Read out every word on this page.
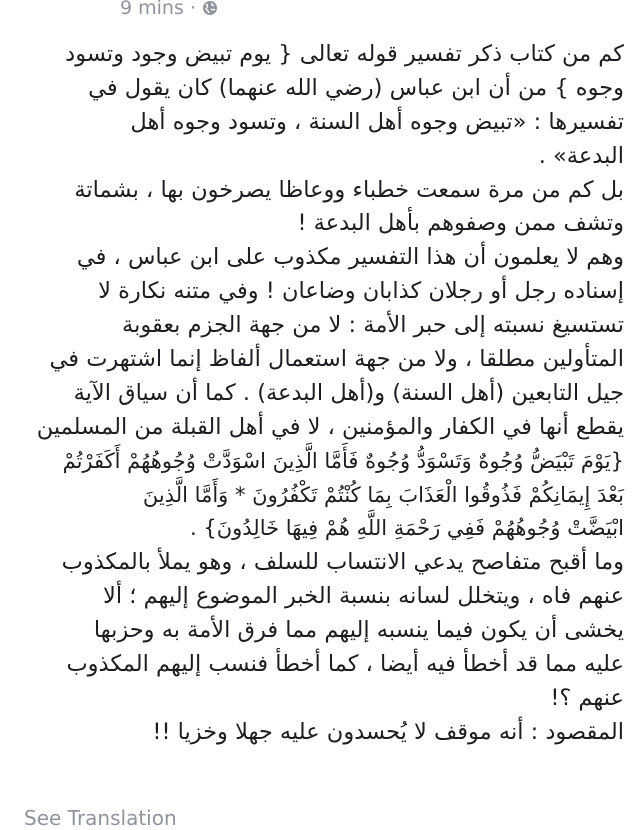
9 mins ·
كم من كتاب ذكر تفسير قوله تعالى { يوم تبيض وجود وتسود
وجوه } من أن ابن عباس (رضي الله عنهما) كان يقول في
تفسيرها : «تبيض وجوه أهل السنة ، وتسود وجوه أهل
البدعة» .
بل كم من مرة سمعت خطباء ووعاظا يصرخون بها ، بشماتة
وتشف ممن وصفوهم بأهل البدعة !
وهم لا يعلمون أن هذا التفسير مكذوب على ابن عباس ، في
إسناده رجل أو رجلان كذابان وضاعان ! وفي متنه نكارة لا
تستسيغ نسبته إلى حبر الأمة : لا من جهة الجزم بعقوبة
المتأولين مطلقا ، ولا من جهة استعمال ألفاظ إنما اشتهرت في
جيل التابعين (أهل السنة) و(أهل البدعة) . كما أن سياق الآية
يقطع أنها في الكفار والمؤمنين ، لا في أهل القبلة من المسلمين
{يَوْمَ تَبْيَضُّ وُجُوهٌ وَتَسْوَدُّ وُجُوهٌ فَأَمَّا الَّذِينَ اسْوَدَّتْ وُجُوهُهُمْ أَكَفَرْتُمْ
بَعْدَ إِيمَانِكُمْ فَذُوقُوا الْعَذَابَ بِمَا كُنْتُمْ تَكْفُرُونَ * وَأَمَّا الَّذِينَ
ابْيَضَّتْ وُجُوهُهُمْ فَفِي رَحْمَةِ اللَّهِ هُمْ فِيهَا خَالِدُونَ} .
وما أقبح متفاصح يدعي الانتساب للسلف ، وهو يملأ بالمكذوب
عنهم فاه ، ويتخلل لسانه بنسبة الخبر الموضوع إليهم ؛ ألا
يخشى أن يكون فيما ينسبه إليهم مما فرق الأمة به وحزبها
عليه مما قد أخطأ فيه أيضا ، كما أخطأ فنسب إليهم المكذوب
عنهم ؟!
المقصود : أنه موقف لا يُحسدون عليه جهلا وخزيا !!
See Translation
